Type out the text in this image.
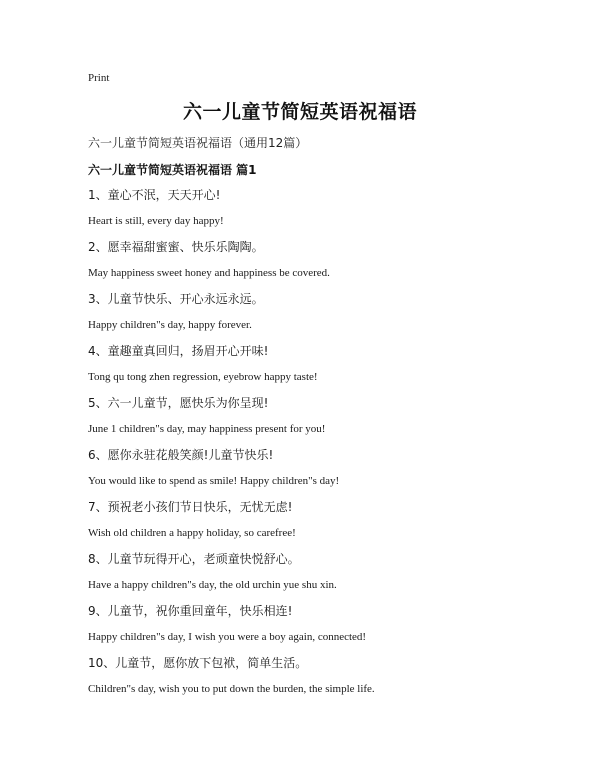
Print
六一儿童节简短英语祝福语
六一儿童节简短英语祝福语（通用12篇）
六一儿童节简短英语祝福语 篇1
1、童心不泯，天天开心!
Heart is still, every day happy!
2、愿幸福甜蜜蜜、快乐乐陶陶。
May happiness sweet honey and happiness be covered.
3、儿童节快乐、开心永远永远。
Happy children"s day, happy forever.
4、童趣童真回归，扬眉开心开味!
Tong qu tong zhen regression, eyebrow happy taste!
5、六一儿童节，愿快乐为你呈现!
June 1 children"s day, may happiness present for you!
6、愿你永驻花般笑颜!儿童节快乐!
You would like to spend as smile! Happy children"s day!
7、预祝老小孩们节日快乐，无忧无虑!
Wish old children a happy holiday, so carefree!
8、儿童节玩得开心，老顽童快悦舒心。
Have a happy children"s day, the old urchin yue shu xin.
9、儿童节，祝你重回童年，快乐相连!
Happy children"s day, I wish you were a boy again, connected!
10、儿童节，愿你放下包袱，简单生活。
Children"s day, wish you to put down the burden, the simple life.
